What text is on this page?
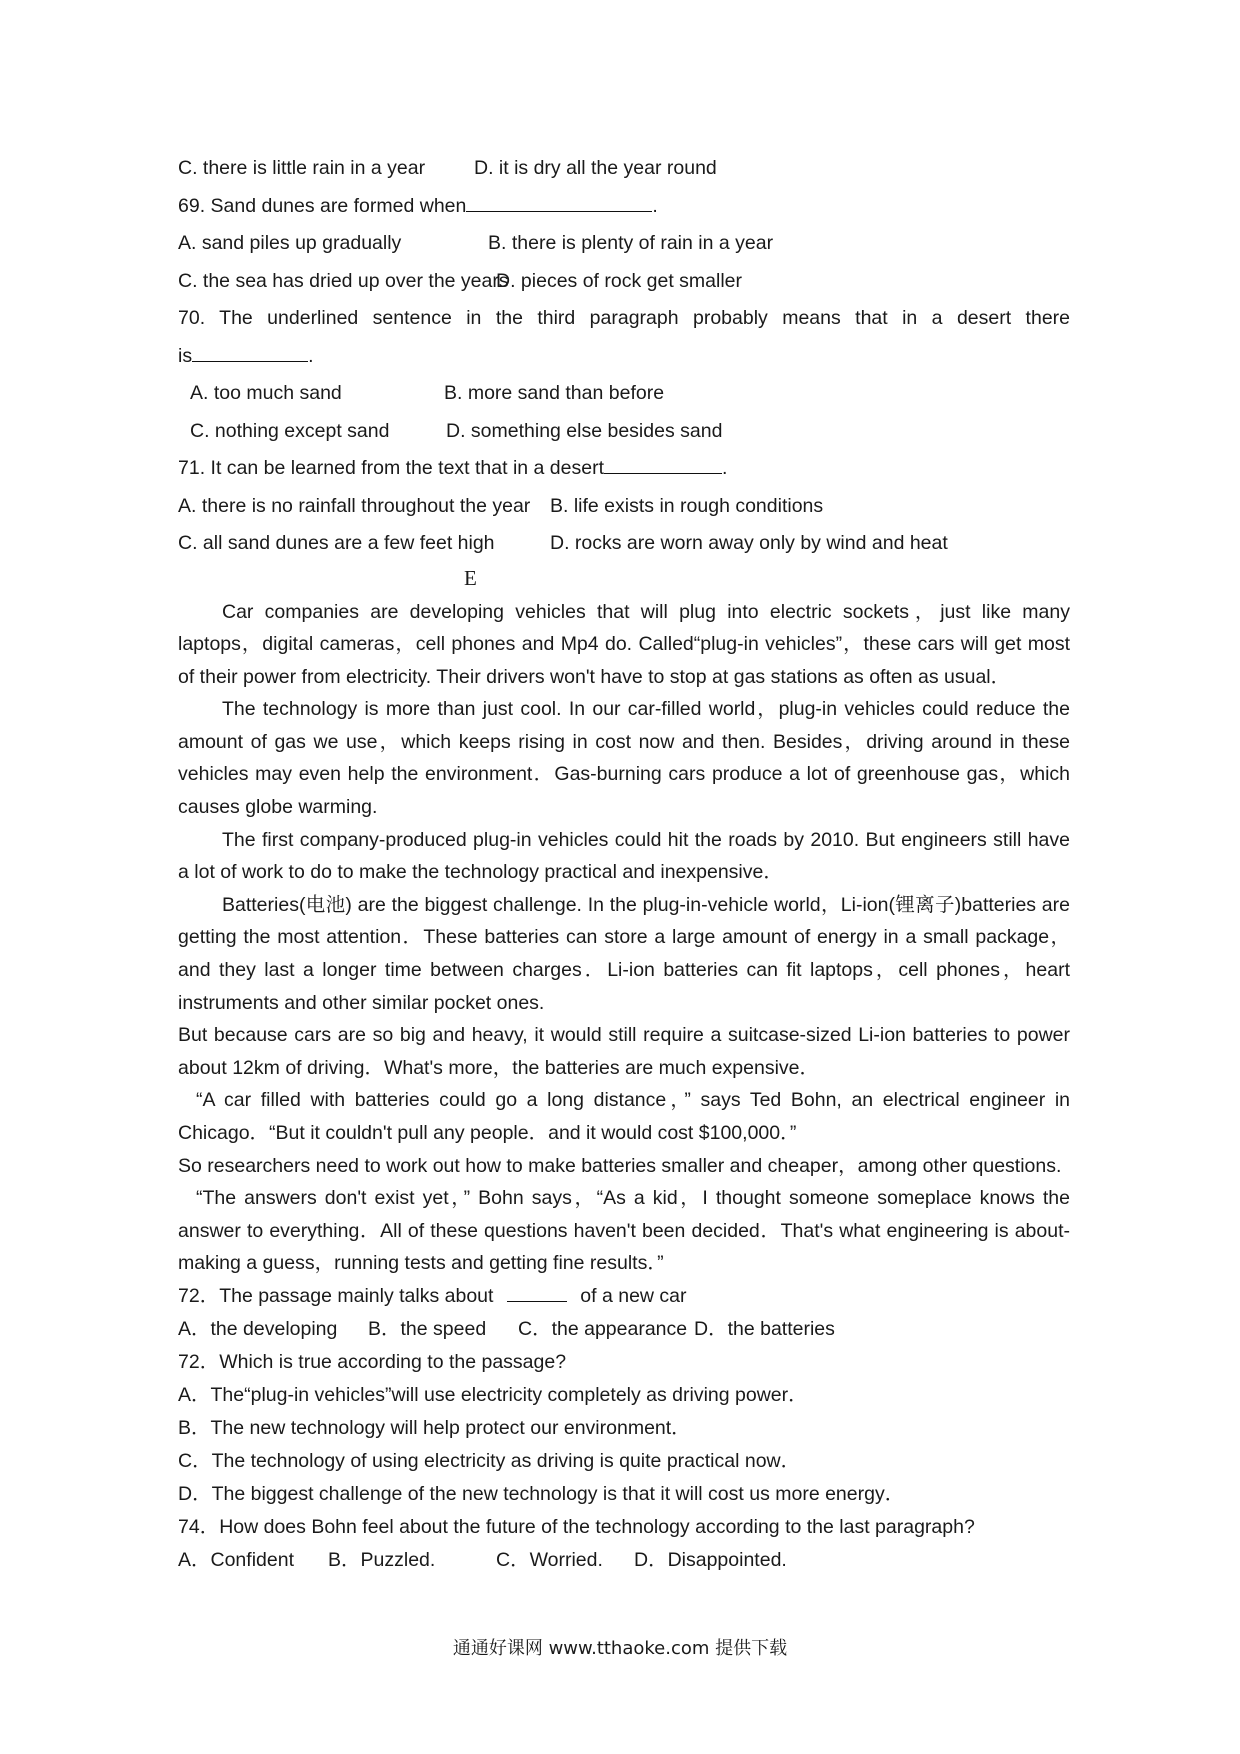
C. there is little rain in a year	D. it is dry all the year round
69. Sand dunes are formed when	.
A. sand piles up gradually	B. there is plenty of rain in a year
C. the sea has dried up over the years
D. pieces of rock get smaller
70. The underlined sentence in the third paragraph probably means that in a desert there
is	.
A. too much sand	B. more sand than before
C. nothing except sand	D. something else besides sand
71. It can be learned from the text that in a desert	.
A. there is no rainfall throughout the year B. life exists in rough conditions
C. all sand dunes are a few feet high	D. rocks are worn away only by wind and heat
E

Car companies are developing vehicles that will plug into electric sockets，just like many laptops，digital cameras，cell phones and Mp4 do. Called“plug-in vehicles”，these cars will get most of their power from electricity. Their drivers won't have to stop at gas stations as often as usual．

The technology is more than just cool. In our car-filled world，plug-in vehicles could reduce the amount of gas we use，which keeps rising in cost now and then. Besides，driving around in these vehicles may even help the environment．Gas-burning cars produce a lot of greenhouse gas，which causes globe warming.

The first company-produced plug-in vehicles could hit the roads by 2010. But engineers still have a lot of work to do to make the technology practical and inexpensive．

Batteries(电池) are the biggest challenge. In the plug-in-vehicle world，Li-ion(锂离子)batteries are getting the most attention．These batteries can store a large amount of energy in a small package，and they last a longer time between charges．Li-ion batteries can fit laptops，cell phones，heart instruments and other similar pocket ones.

But because cars are so big and heavy, it would still require a suitcase-sized Li-ion batteries to power about 12km of driving．What's more，the batteries are much expensive．

“A car filled with batteries could go a long distance，” says Ted Bohn, an electrical engineer in Chicago．“But it couldn't pull any people．and it would cost $100,000．”

So researchers need to work out how to make batteries smaller and cheaper，among other questions.

“The answers don't exist yet，” Bohn says，“As a kid，I thought someone someplace knows the answer to everything．All of these questions haven't been decided．That's what engineering is about-making a guess，running tests and getting fine results．”

72．The passage mainly talks about	of a new car
A．the developing B．the speed C．the appearance D．the batteries
72．Which is true according to the passage?
A．The“plug-in vehicles”will use electricity completely as driving power．
B．The new technology will help protect our environment．
C．The technology of using electricity as driving is quite practical now．
D．The biggest challenge of the new technology is that it will cost us more energy．
74．How does Bohn feel about the future of the technology according to the last paragraph?
A．Confident B．Puzzled.	C．Worried. D．Disappointed.
通通好课网 www.tthaoke.com 提供下载
